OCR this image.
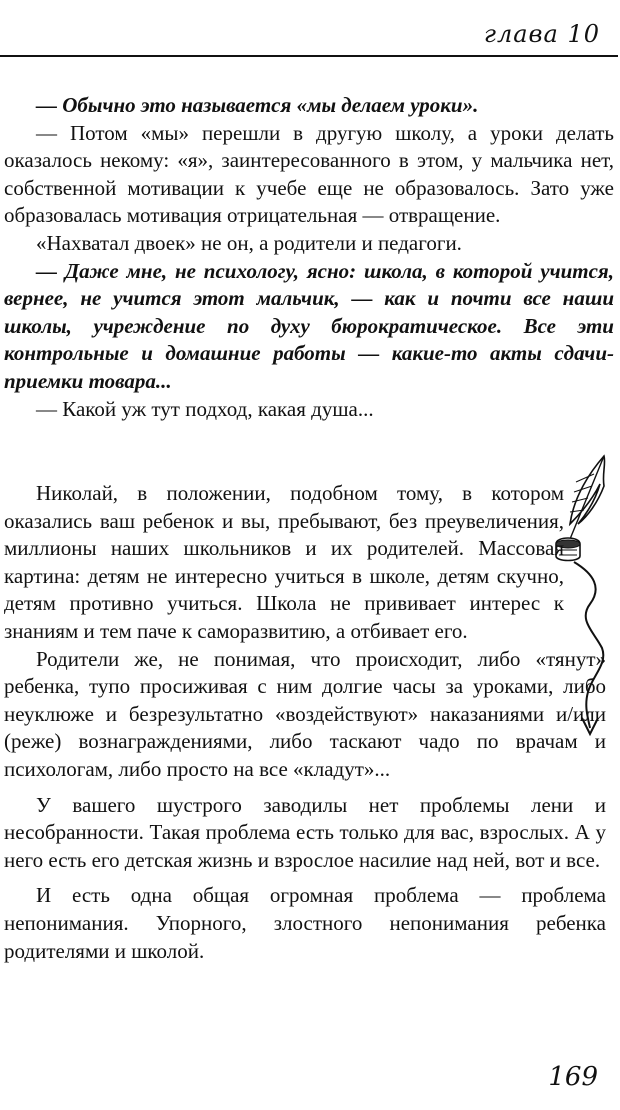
глава 10

— Обычно это называется «мы делаем уроки».

— Потом «мы» перешли в другую школу, а уроки делать оказалось некому: «я», заинтересованного в этом, у мальчика нет, собственной мотивации к учебе еще не образовалось. Зато уже образовалась мотивация отрицательная — отвращение.

«Нахватал двоек» не он, а родители и педагоги.

— Даже мне, не психологу, ясно: школа, в которой учится, вернее, не учится этот мальчик, — как и почти все наши школы, учреждение по духу бюрократическое. Все эти контрольные и домашние работы — какие-то акты сдачи-приемки товара...

— Какой уж тут подход, какая душа...

Николай, в положении, подобном тому, в котором оказались ваш ребенок и вы, пребывают, без преувеличения, миллионы наших школьников и их родителей. Массовая картина: детям не интересно учиться в школе, детям скучно, детям противно учиться. Школа не прививает интерес к знаниям и тем паче к саморазвитию, а отбивает его.

Родители же, не понимая, что происходит, либо «тянут» ребенка, тупо просиживая с ним долгие часы за уроками, либо неуклюже и безрезультатно «воздействуют» наказаниями и/или (реже) вознаграждениями, либо таскают чадо по врачам и психологам, либо просто на все «кладут»...

У вашего шустрого заводилы нет проблемы лени и несобранности. Такая проблема есть только для вас, взрослых. А у него есть его детская жизнь и взрослое насилие над ней, вот и все.

И есть одна общая огромная проблема — проблема непонимания. Упорного, злостного непонимания ребенка родителями и школой.

169
